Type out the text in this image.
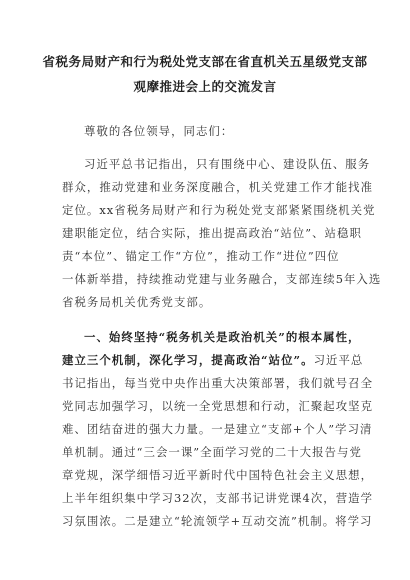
省税务局财产和行为税处党支部在省直机关五星级党支部
观摩推进会上的交流发言
尊敬的各位领导，同志们：
习近平总书记指出，只有围绕中心、建设队伍、服务
群众，推动党建和业务深度融合，机关党建工作才能找准
定位。xx省税务局财产和行为税处党支部紧紧围绕机关党
建职能定位，结合实际，推出提高政治“站位”、站稳职
责“本位”、锚定工作“方位”，推动工作“进位”四位
一体新举措，持续推动党建与业务融合，支部连续5年入选
省税务局机关优秀党支部。
一、始终坚持“税务机关是政治机关”的根本属性，
建立三个机制，深化学习，提高政治“站位”。习近平总
书记指出，每当党中央作出重大决策部署，我们就号召全
党同志加强学习，以统一全党思想和行动，汇聚起攻坚克
难、团结奋进的强大力量。一是建立“支部+个人”学习清
单机制。通过“三会一课”全面学习党的二十大报告与党
章党规，深学细悟习近平新时代中国特色社会主义思想，
上半年组织集中学习32次，支部书记讲党课4次，营造学
习氛围浓。二是建立“轮流领学+互动交流”机制。将学习
